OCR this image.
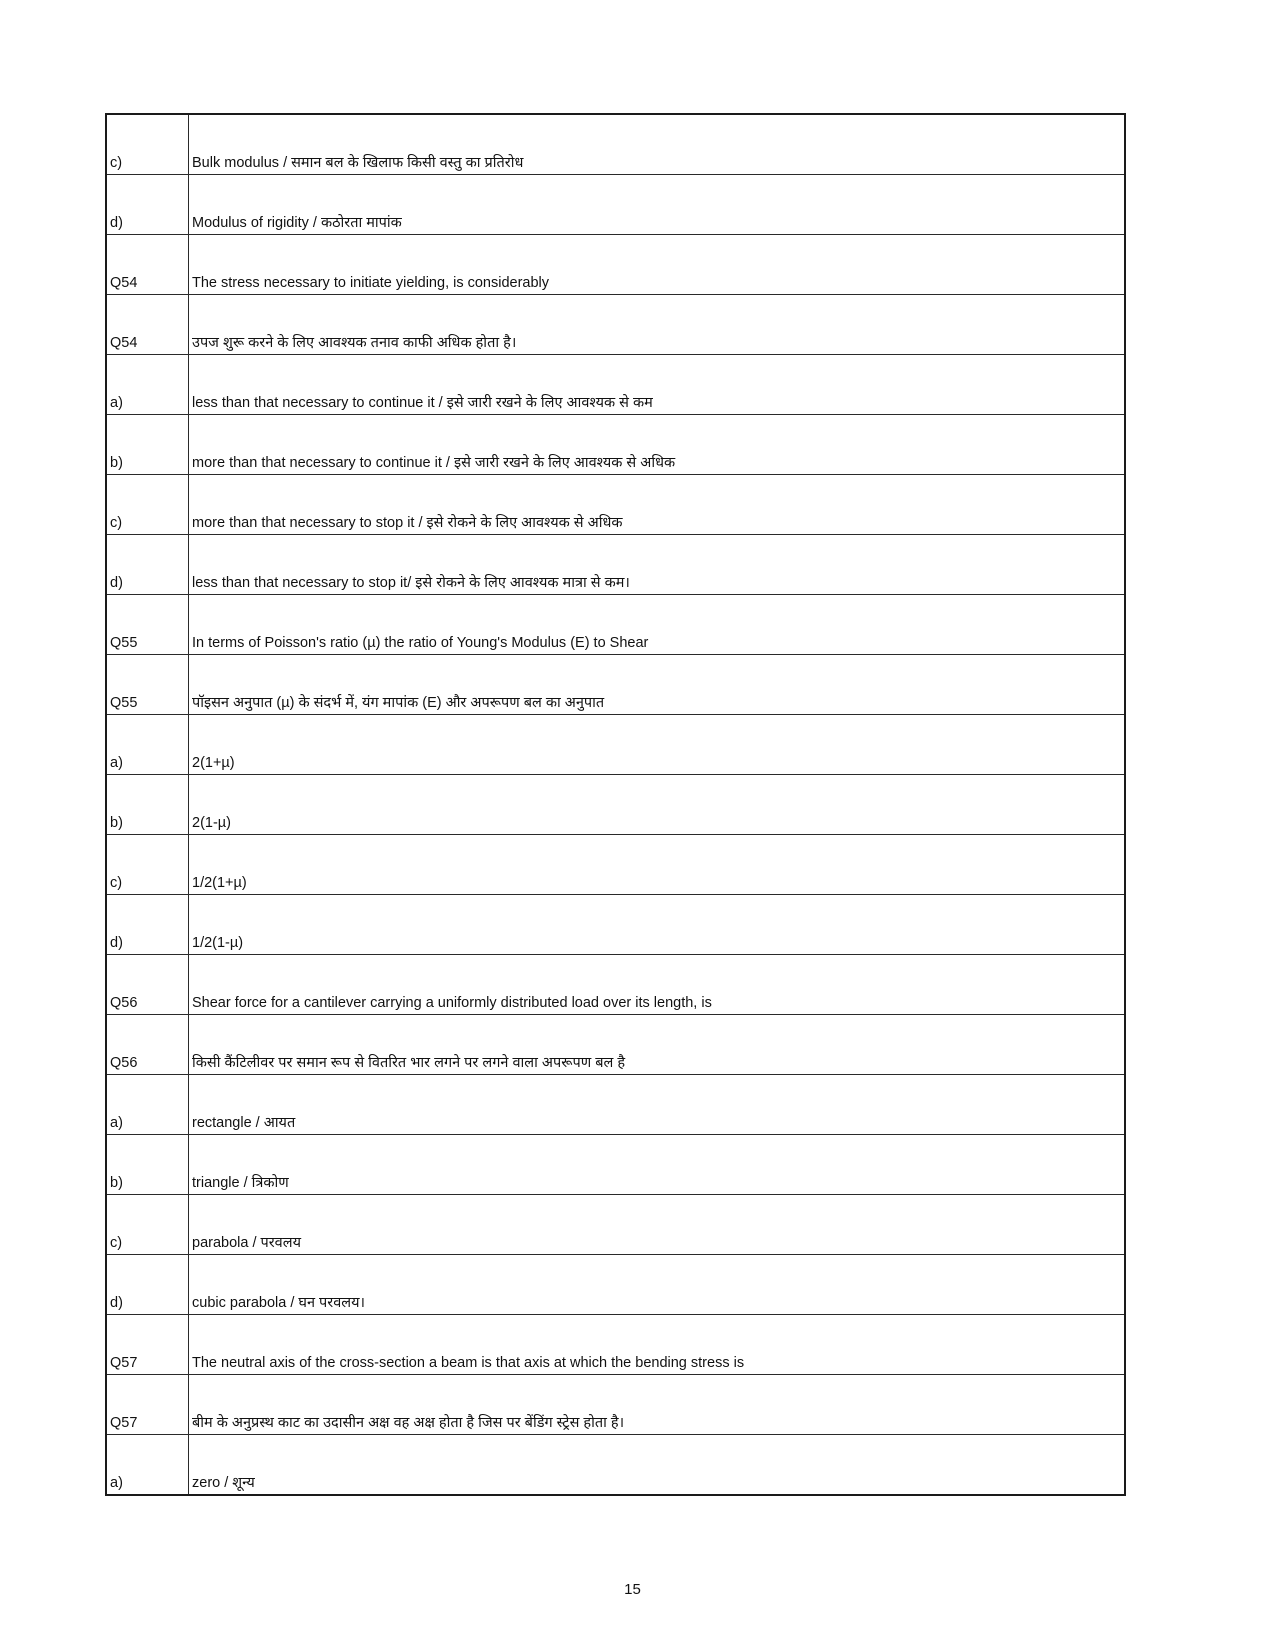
c)	Bulk modulus / समान बल के खिलाफ किसी वस्तु का प्रतिरोध
d)	Modulus of rigidity / कठोरता मापांक
Q54	The stress necessary to initiate yielding, is considerably
Q54	उपज शुरू करने के लिए आवश्यक तनाव काफी अधिक होता है।
a)	less than that necessary to continue it / इसे जारी रखने के लिए आवश्यक से कम
b)	more than that necessary to continue it / इसे जारी रखने के लिए आवश्यक से अधिक
c)	more than that necessary to stop it / इसे रोकने के लिए आवश्यक से अधिक
d)	less than that necessary to stop it/ इसे रोकने के लिए आवश्यक मात्रा से कम।
Q55	In terms of Poisson's ratio (µ) the ratio of Young's Modulus (E) to Shear
Q55	पॉइसन अनुपात (µ) के संदर्भ में, यंग मापांक (E) और अपरूपण बल का अनुपात
a)	2(1+µ)
b)	2(1-µ)
c)	1/2(1+µ)
d)	1/2(1-µ)
Q56	Shear force for a cantilever carrying a uniformly distributed load over its length, is
Q56	किसी कैंटिलीवर पर समान रूप से वितरित भार लगने पर लगने वाला अपरूपण बल है
a)	rectangle / आयत
b)	triangle / त्रिकोण
c)	parabola / परवलय
d)	cubic parabola / घन परवलय।
Q57	The neutral axis of the cross-section a beam is that axis at which the bending stress is
Q57	बीम के अनुप्रस्थ काट का उदासीन अक्ष वह अक्ष होता है जिस पर बेंडिंग स्ट्रेस होता है।
a)	zero / शून्य
15
